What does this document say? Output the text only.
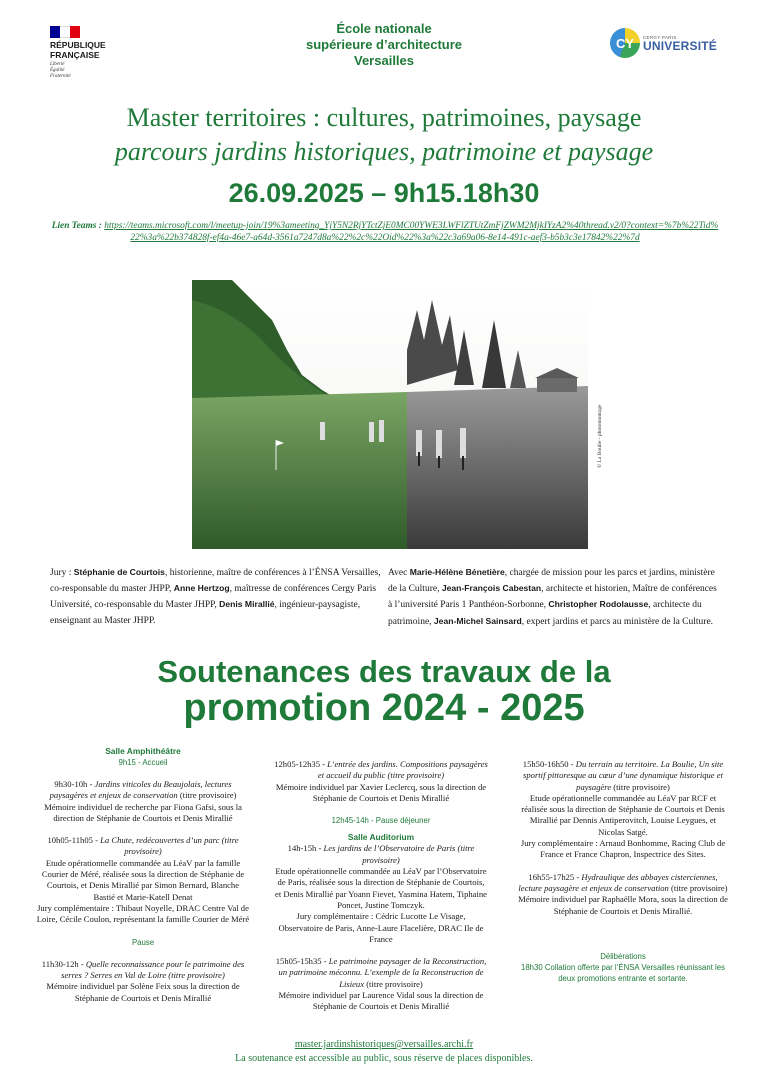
RÉPUBLIQUE
FRANÇAISE
Liberté
Égalité
Fraternité
École nationale
supérieure d’architecture
Versailles
CY	CERGY PARIS
UNIVERSITÉ
Master territoires : cultures, patrimoines, paysage
parcours jardins historiques, patrimoine et paysage
26.09.2025 – 9h15.18h30
Lien Teams : https://teams.microsoft.com/l/meetup-join/19%3ameeting_YjY5N2RjYTctZjE0MC00YWE3LWFlZTUtZmFjZWM2MjkIYzA2%40thread.v2/0?context=%7b%22Tid%22%3a%22b374828f-ef4a-46e7-a64d-3561a7247d8a%22%2c%22Oid%22%3a%22c3a69a06-8e14-491c-aef3-b5b3c3e17842%22%7d
© La Boulie - photomontage
Jury : Stéphanie de Courtois, historienne, maître de conférences à l’ÉNSA Versailles, co-responsable du master JHPP, Anne Hertzog, maîtresse de conférences Cergy Paris Université, co-responsable du Master JHPP, Denis Mirallié, ingénieur-paysagiste, enseignant au Master JHPP.
Avec Marie-Hélène Bénetière, chargée de mission pour les parcs et jardins, ministère de la Culture, Jean-François Cabestan, architecte et historien, Maître de conférences à l’université Paris 1 Panthéon-Sorbonne, Christopher Rodolausse, architecte du patrimoine, Jean-Michel Sainsard, expert jardins et parcs au ministère de la Culture.
Soutenances des travaux de la
promotion 2024 - 2025
Salle Amphithéâtre
9h15 - Accueil
9h30-10h - Jardins viticoles du Beaujolais, lectures paysagères et enjeux de conservation (titre provisoire)
Mémoire individuel de recherche par Fiona Gafsi, sous la direction de Stéphanie de Courtois et Denis Mirallié
10h05-11h05 - La Chute, redécouvertes d’un parc (titre provisoire)
Etude opérationnelle commandée au LéaV par la famille Courier de Méré, réalisée sous la direction de Stéphanie de Courtois, et Denis Mirallié par Simon Bernard, Blanche Bastié et Marie-Katell Denat
Jury complémentaire : Thibaut Noyelle, DRAC Centre Val de Loire, Cécile Coulon, représentant la famille Courier de Méré
Pause
11h30-12h - Quelle reconnaissance pour le patrimoine des serres ? Serres en Val de Loire (titre provisoire)
Mémoire individuel par Solène Feix sous la direction de Stéphanie de Courtois et Denis Mirallié
12h05-12h35 - L’entrée des jardins. Compositions paysagères et accueil du public (titre provisoire)
Mémoire individuel par Xavier Leclercq, sous la direction de Stéphanie de Courtois et Denis Mirallié
12h45-14h - Pause déjeuner
Salle Auditorium
14h-15h - Les jardins de l’Observatoire de Paris (titre provisoire)
Etude opérationnelle commandée au LéaV par l’Observatoire de Paris, réalisée sous la direction de Stéphanie de Courtois, et Denis Mirallié par Yoann Fievet, Yasmina Hatem, Tiphaine Poncet, Justine Tomczyk.
Jury complémentaire : Cédric Lucotte Le Visage, Observatoire de Paris, Anne-Laure Flacelière, DRAC Ile de France
15h05-15h35 - Le patrimoine paysager de la Reconstruction, un patrimoine méconnu. L’exemple de la Reconstruction de Lisieux (titre provisoire)
Mémoire individuel par Laurence Vidal sous la direction de Stéphanie de Courtois et Denis Mirallié
15h50-16h50 - Du terrain au territoire. La Boulie, Un site sportif pittoresque au cœur d’une dynamique historique et paysagère (titre provisoire)
Etude opérationnelle commandée au LéaV par RCF et réalisée sous la direction de Stéphanie de Courtois et Denis Mirallié par Dennis Antiperovitch, Louise Leygues, et Nicolas Satgé.
Jury complémentaire : Arnaud Bonhomme, Racing Club de France et France Chapron, Inspectrice des Sites.
16h55-17h25 - Hydraulique des abbayes cisterciennes, lecture paysagère et enjeux de conservation (titre provisoire)
Mémoire individuel par Raphaëlle Mora, sous la direction de Stéphanie de Courtois et Denis Mirallié.
Délibérations
18h30 Collation offerte par l’ÉNSA Versailles réunissant les deux promotions entrante et sortante.
master.jardinshistoriques@versailles.archi.fr
La soutenance est accessible au public, sous réserve de places disponibles.
